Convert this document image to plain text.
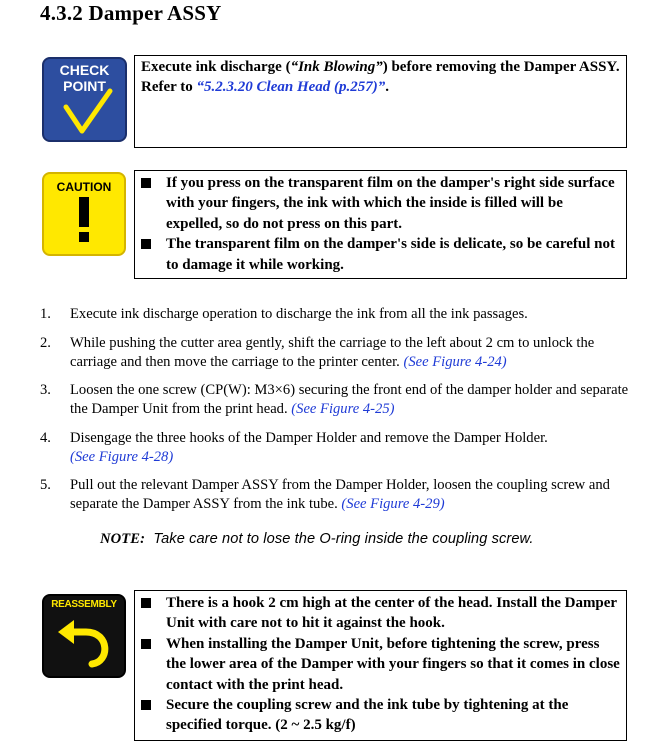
4.3.2 Damper ASSY
CHECK
POINT
Execute ink discharge (“Ink Blowing”) before removing the Damper ASSY.
Refer to “5.2.3.20 Clean Head (p.257)”.
CAUTION	If you press on the transparent film on the damper's right side surface with your fingers, the ink with which the inside is filled will be expelled, so do not press on this part.
The transparent film on the damper's side is delicate, so be careful not to damage it while working.
1. Execute ink discharge operation to discharge the ink from all the ink passages.
2. While pushing the cutter area gently, shift the carriage to the left about 2 cm to unlock the carriage and then move the carriage to the printer center. (See Figure 4-24)
3. Loosen the one screw (CP(W): M3×6) securing the front end of the damper holder and separate the Damper Unit from the print head. (See Figure 4-25)
4. Disengage the three hooks of the Damper Holder and remove the Damper Holder.
(See Figure 4-28)
5. Pull out the relevant Damper ASSY from the Damper Holder, loosen the coupling screw and separate the Damper ASSY from the ink tube. (See Figure 4-29)
NOTE: Take care not to lose the O-ring inside the coupling screw.
REASSEMBLY	There is a hook 2 cm high at the center of the head. Install the Damper Unit with care not to hit it against the hook.
When installing the Damper Unit, before tightening the screw, press the lower area of the Damper with your fingers so that it comes in close contact with the print head.
Secure the coupling screw and the ink tube by tightening at the specified torque. (2 ~ 2.5 kg/f)
